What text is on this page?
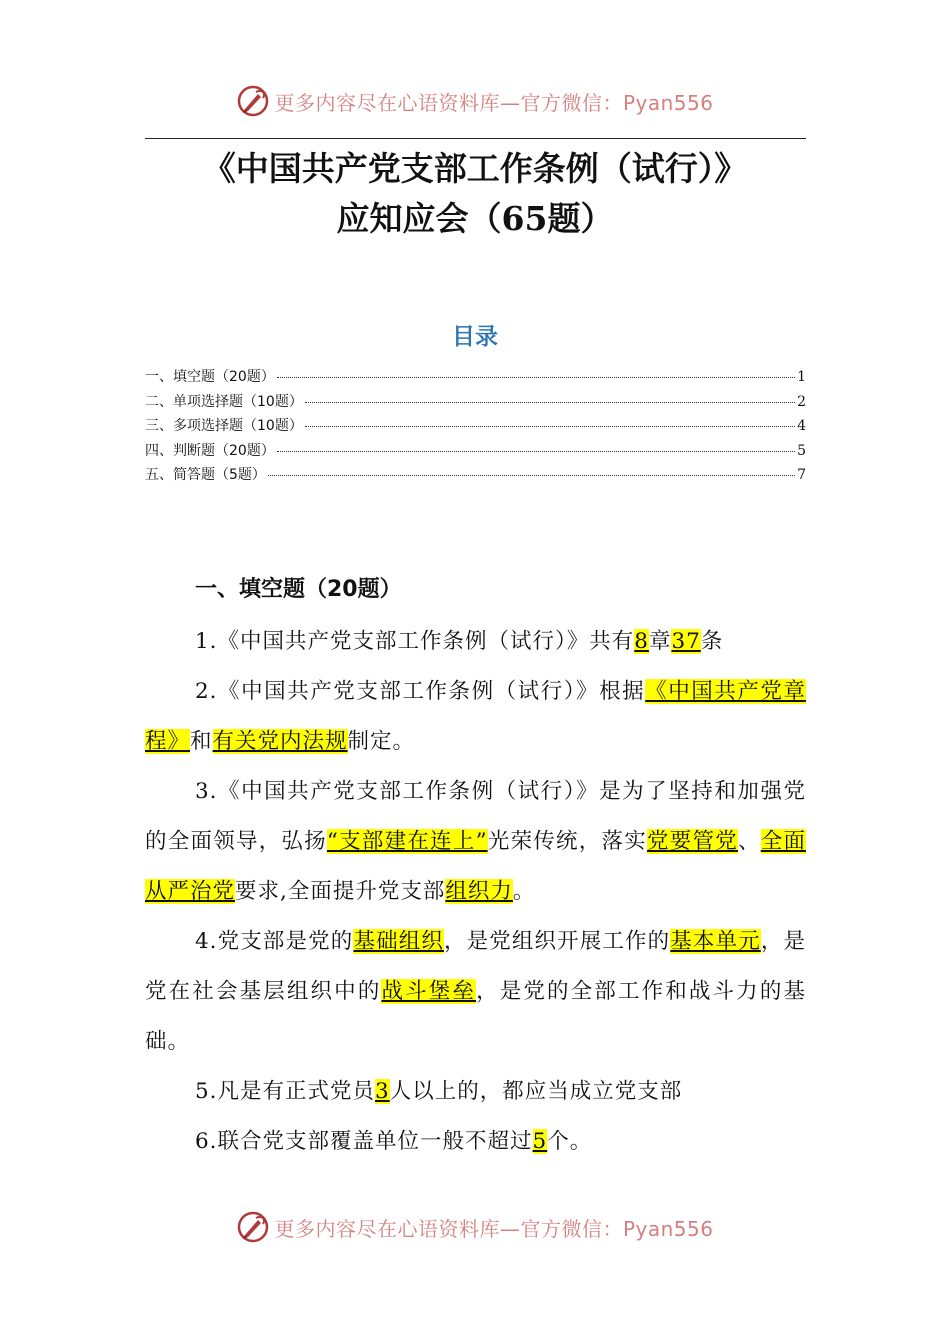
更多内容尽在心语资料库—官方微信：Pyan556
《中国共产党支部工作条例（试行）》
应知应会（65题）
目录
一、填空题（20题）	1
二、单项选择题（10题）	2
三、多项选择题（10题）	4
四、判断题（20题）	5
五、简答题（5题）	7
一、填空题（20题）

1.《中国共产党支部工作条例（试行）》共有8章37条

2.《中国共产党支部工作条例（试行）》根据《中国共产党章程》和有关党内法规制定。

3.《中国共产党支部工作条例（试行）》是为了坚持和加强党的全面领导，弘扬“支部建在连上”光荣传统，落实党要管党、全面从严治党要求,全面提升党支部组织力。

4.党支部是党的基础组织，是党组织开展工作的基本单元，是党在社会基层组织中的战斗堡垒，是党的全部工作和战斗力的基础。

5.凡是有正式党员3人以上的，都应当成立党支部

6.联合党支部覆盖单位一般不超过5个。

更多内容尽在心语资料库—官方微信：Pyan556
